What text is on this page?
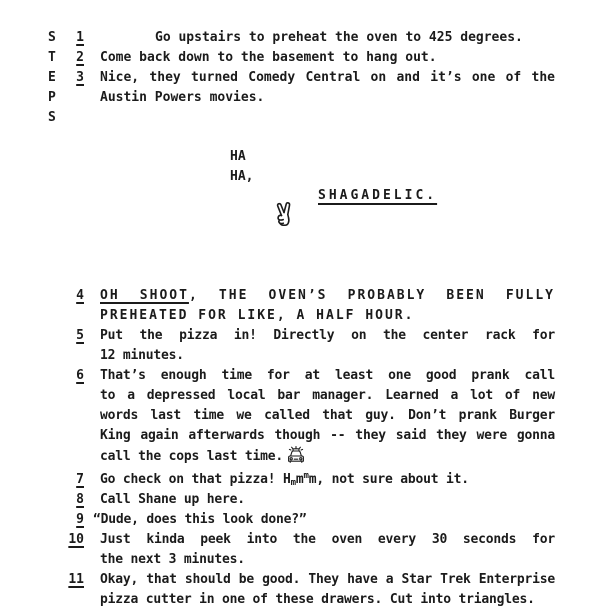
S
T
E
P
S
1	Go upstairs to preheat the oven to 425 degrees.
2	Come back down to the basement to hang out.
3	Nice, they turned Comedy Central on and it’s one of the
Austin Powers movies.
HA
HA,
SHAGADELIC.
4	OH SHOOT, THE OVEN’S PROBABLY BEEN FULLY
PREHEATED FOR LIKE, A HALF HOUR.
5	Put the pizza in! Directly on the center rack for
12 minutes.
6	That’s enough time for at least one good prank call
to a depressed local bar manager. Learned a lot of new
words last time we called that guy. Don’t prank Burger
King again afterwards though -- they said they were gonna
call the cops last time.
7	Go check on that pizza! $H_mm^mm$, not sure about it.
8	Call Shane up here.
9 “Dude, does this look done?”
10	Just kinda peek into the oven every 30 seconds for
the next 3 minutes.
11	Okay, that should be good. They have a Star Trek Enterprise
pizza cutter in one of these drawers. Cut into triangles.
